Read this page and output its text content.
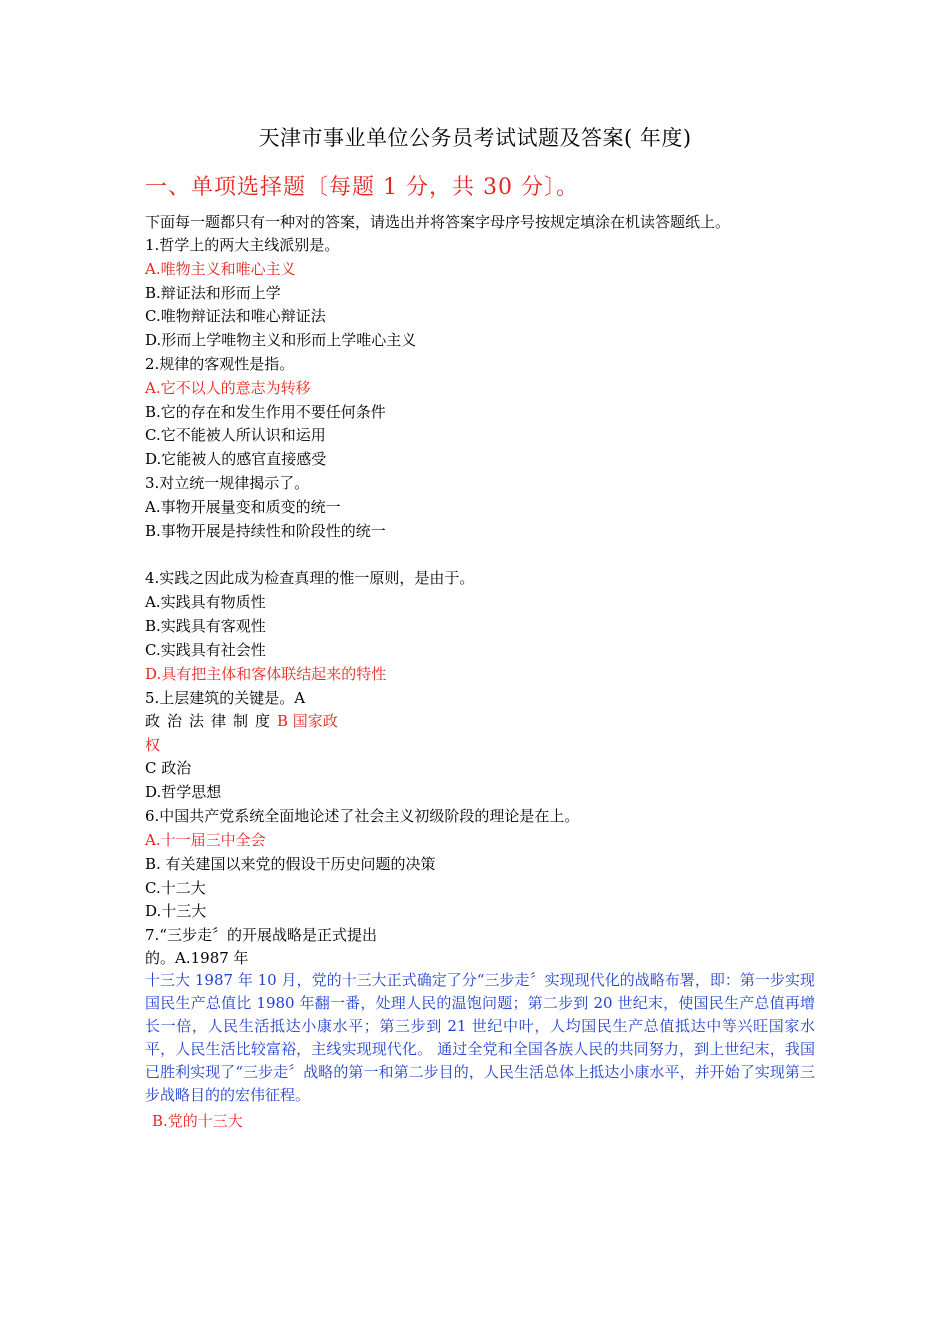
天津市事业单位公务员考试试题及答案( 年度)
一、单项选择题〔每题 1 分，共 30 分〕。
下面每一题都只有一种对的答案，请选出并将答案字母序号按规定填涂在机读答题纸上。
1.哲学上的两大主线派别是。
A.唯物主义和唯心主义
B.辩证法和形而上学
C.唯物辩证法和唯心辩证法
D.形而上学唯物主义和形而上学唯心主义
2.规律的客观性是指。
A.它不以人的意志为转移
B.它的存在和发生作用不要任何条件
C.它不能被人所认识和运用
D.它能被人的感官直接感受
3.对立统一规律揭示了。
A.事物开展量变和质变的统一
B.事物开展是持续性和阶段性的统一
4.实践之因此成为检查真理的惟一原则，是由于。
A.实践具有物质性
B.实践具有客观性
C.实践具有社会性
D.具有把主体和客体联结起来的特性
5.上层建筑的关键是。A
政治法律制度B 国家政
权
C 政治
D.哲学思想
6.中国共产党系统全面地论述了社会主义初级阶段的理论是在上。
A.十一届三中全会
B. 有关建国以来党的假设干历史问题的决策
C.十二大
D.十三大
7.“三步走〞的开展战略是正式提出
的。A.1987 年
十三大 1987 年 10 月，党的十三大正式确定了分“三步走〞实现现代化的战略布署，即：第一步实现国民生产总值比 1980 年翻一番，处理人民的温饱问题；第二步到 20 世纪末，使国民生产总值再增长一倍，人民生活抵达小康水平；第三步到 21 世纪中叶，人均国民生产总值抵达中等兴旺国家水平，人民生活比较富裕，主线实现现代化。 通过全党和全国各族人民的共同努力，到上世纪末，我国已胜利实现了“三步走〞战略的第一和第二步目的，人民生活总体上抵达小康水平，并开始了实现第三步战略目的的宏伟征程。
B.党的十三大
